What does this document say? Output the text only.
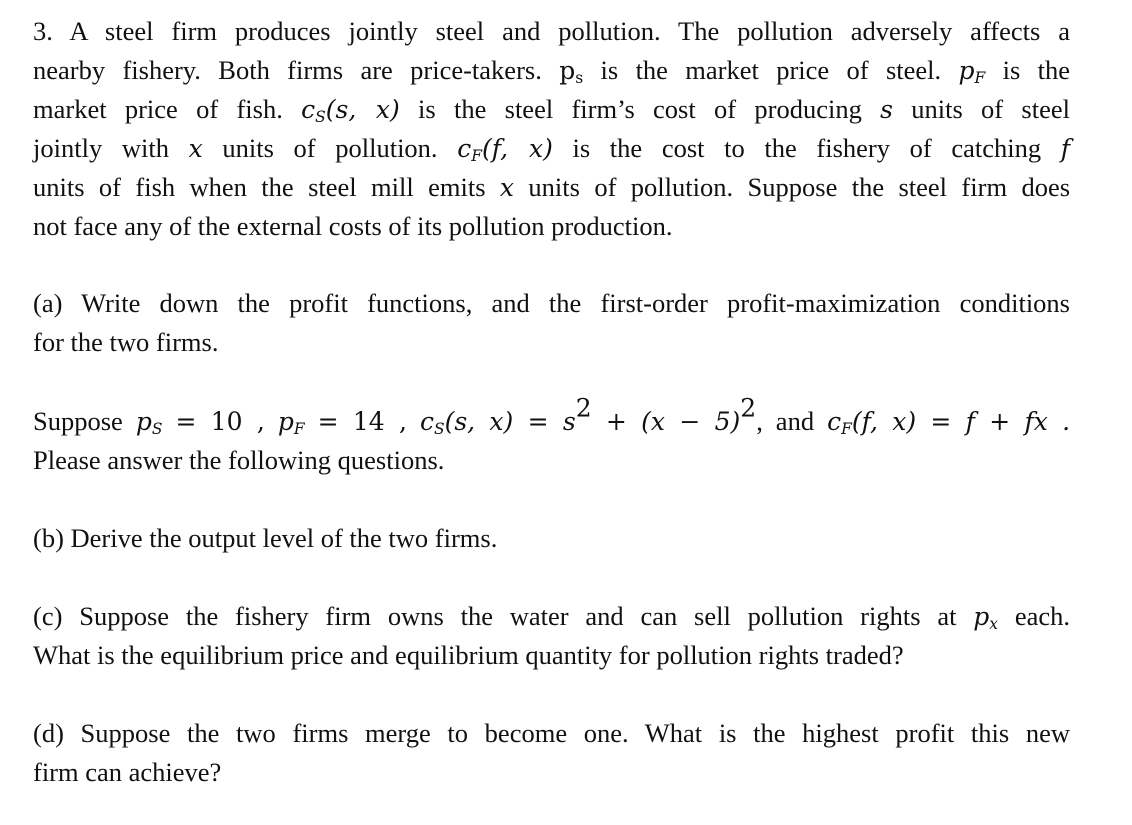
3. A steel firm produces jointly steel and pollution. The pollution adversely affects a
nearby fishery. Both firms are price-takers. $p_s$ is the market price of steel. $p_F$ is the
market price of fish. $c_S(s$, x) is the steel firm’s cost of producing s units of steel
jointly with x units of pollution. $c_F(f$, x) is the cost to the fishery of catching f
units of fish when the steel mill emits x units of pollution. Suppose the steel firm does
not face any of the external costs of its pollution production.
(a) Write down the profit functions, and the first-order profit-maximization conditions
for the two firms.
Suppose $p_S = 10$ , $p_F = 14$ , $c_S(s$, $x) = s^2 + (x - 5)^2$, and $c_F(f$, x) = f + fx .
Please answer the following questions.
(b) Derive the output level of the two firms.
(c) Suppose the fishery firm owns the water and can sell pollution rights at $p_x$ each.
What is the equilibrium price and equilibrium quantity for pollution rights traded?
(d) Suppose the two firms merge to become one. What is the highest profit this new
firm can achieve?
